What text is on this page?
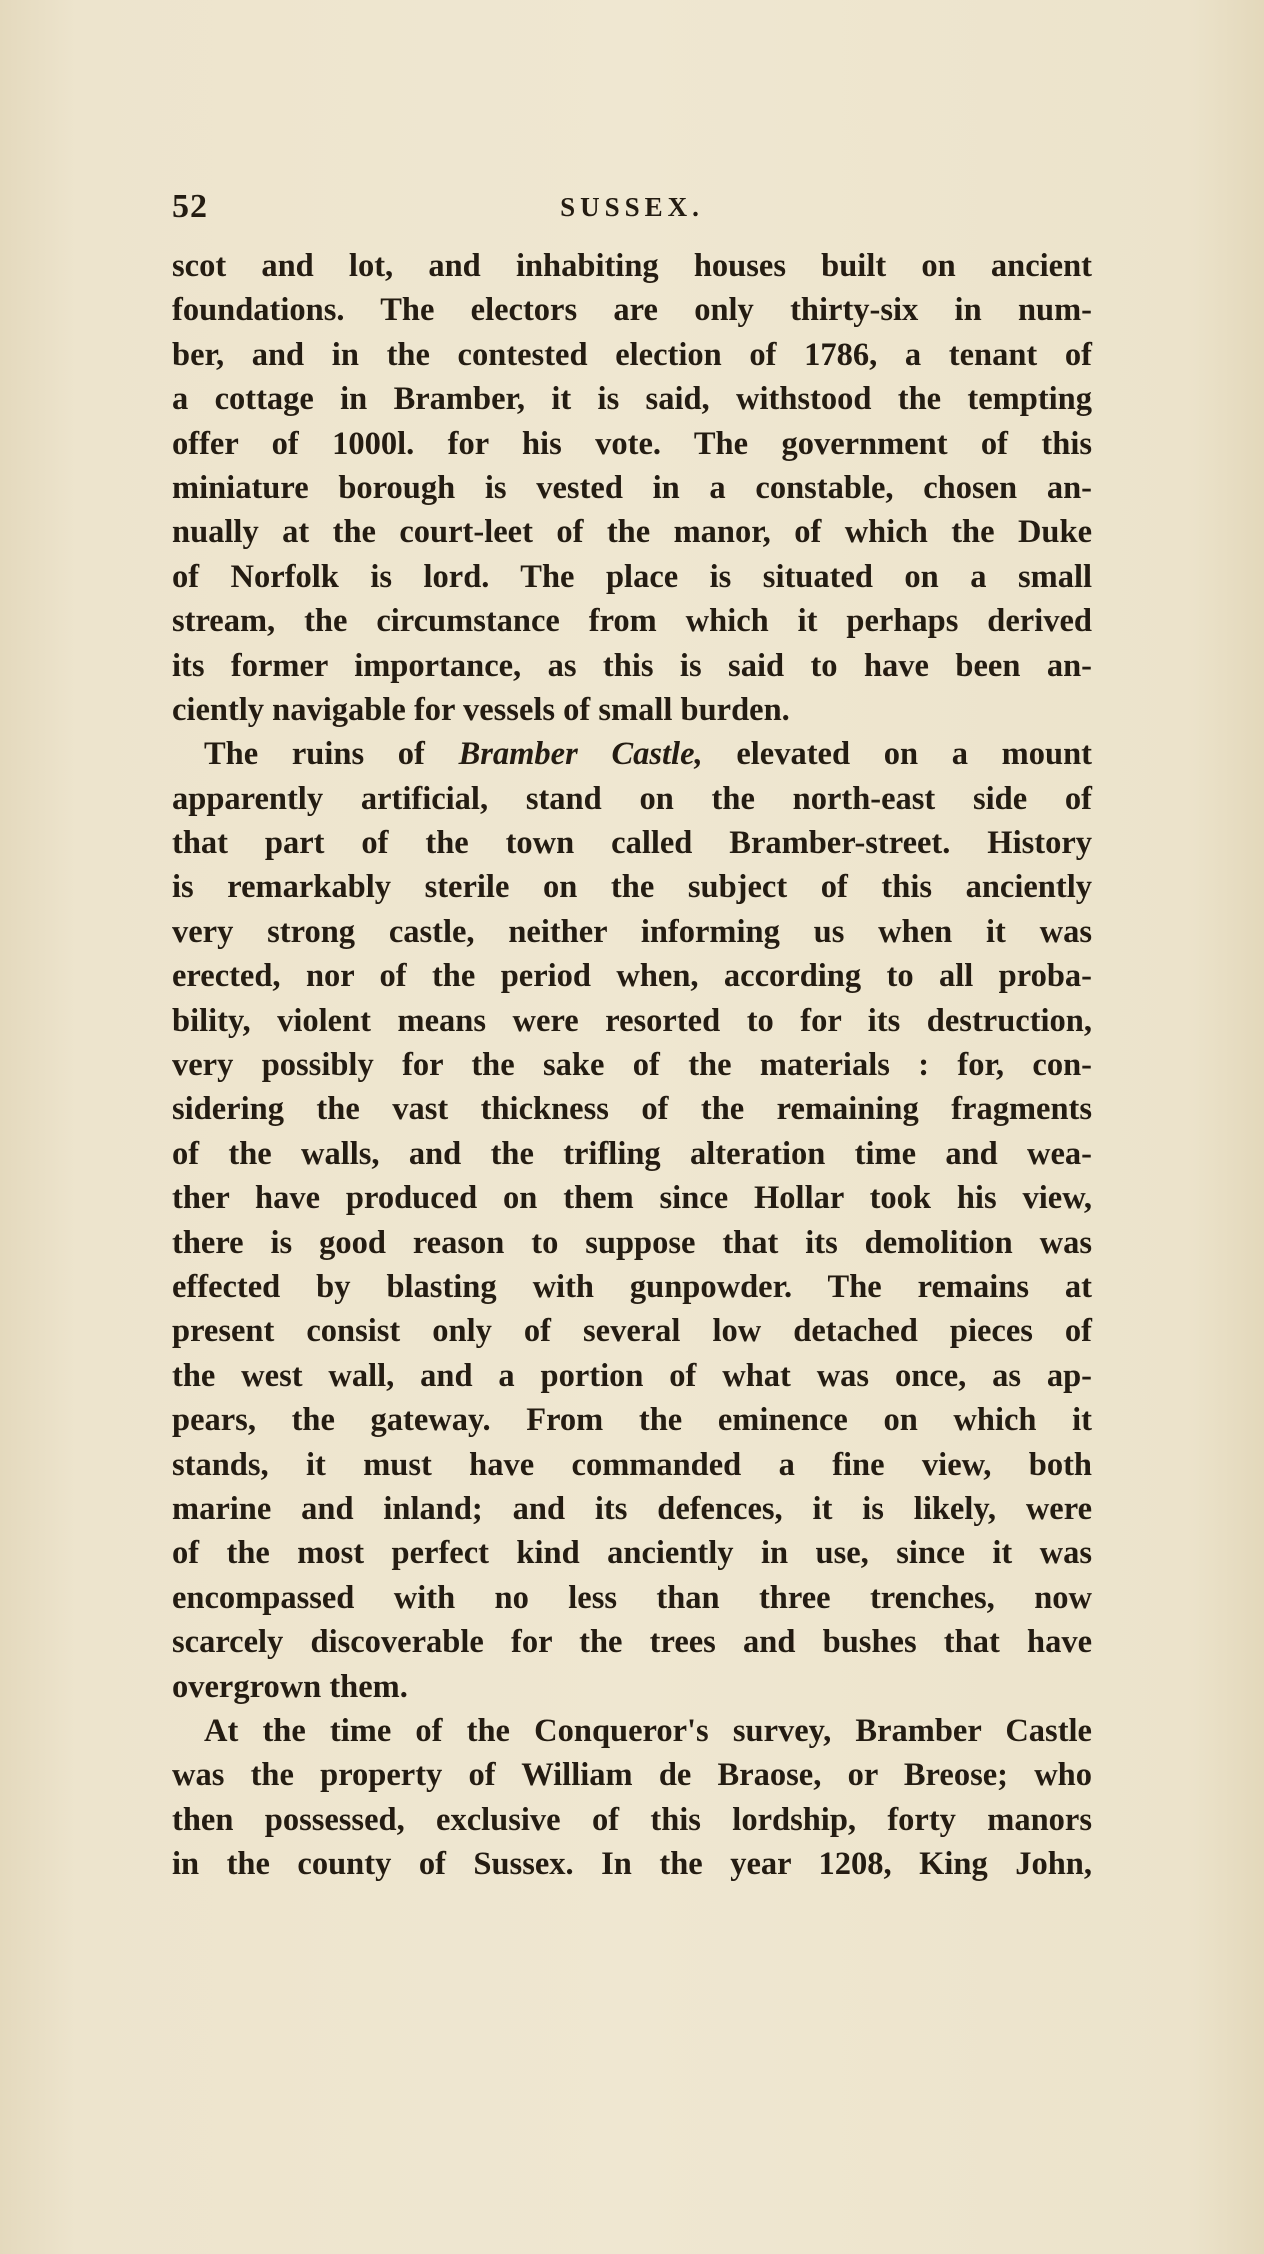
52	SUSSEX.
scot and lot, and inhabiting houses built on ancient
foundations. The electors are only thirty-six in num-
ber, and in the contested election of 1786, a tenant of
a cottage in Bramber, it is said, withstood the tempting
offer of 1000l. for his vote. The government of this
miniature borough is vested in a constable, chosen an-
nually at the court-leet of the manor, of which the Duke
of Norfolk is lord. The place is situated on a small
stream, the circumstance from which it perhaps derived
its former importance, as this is said to have been an-
ciently navigable for vessels of small burden.
The ruins of Bramber Castle, elevated on a mount
apparently artificial, stand on the north-east side of
that part of the town called Bramber-street. History
is remarkably sterile on the subject of this anciently
very strong castle, neither informing us when it was
erected, nor of the period when, according to all proba-
bility, violent means were resorted to for its destruction,
very possibly for the sake of the materials : for, con-
sidering the vast thickness of the remaining fragments
of the walls, and the trifling alteration time and wea-
ther have produced on them since Hollar took his view,
there is good reason to suppose that its demolition was
effected by blasting with gunpowder. The remains at
present consist only of several low detached pieces of
the west wall, and a portion of what was once, as ap-
pears, the gateway. From the eminence on which it
stands, it must have commanded a fine view, both
marine and inland; and its defences, it is likely, were
of the most perfect kind anciently in use, since it was
encompassed with no less than three trenches, now
scarcely discoverable for the trees and bushes that have
overgrown them.
At the time of the Conqueror's survey, Bramber Castle
was the property of William de Braose, or Breose; who
then possessed, exclusive of this lordship, forty manors
in the county of Sussex. In the year 1208, King John,
